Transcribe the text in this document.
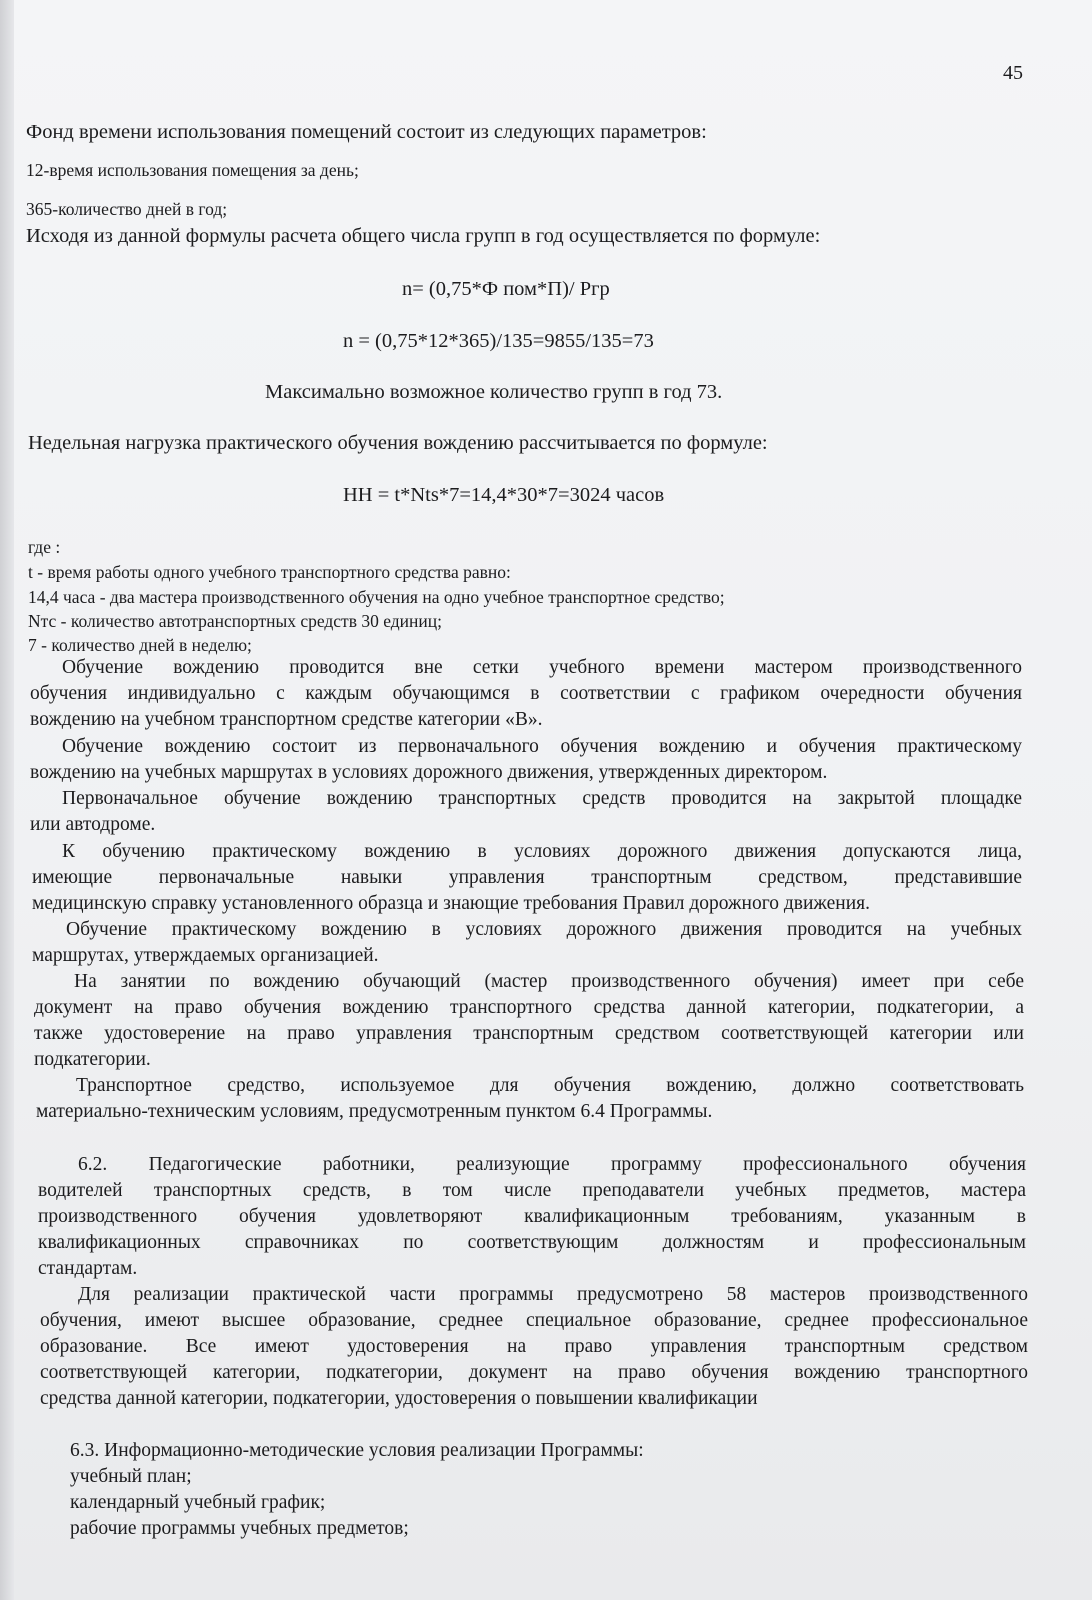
45

Фонд времени использования помещений состоит из следующих параметров:

12-время использования помещения за день;

365-количество дней в год;

Исходя из данной формулы расчета общего числа групп в год осуществляется по формуле:

n= (0,75*Ф пом*П)/ Ргр

n = (0,75*12*365)/135=9855/135=73

Максимально возможное количество групп в год 73.

Недельная нагрузка практического обучения вождению рассчитывается по формуле:

НН = t*Nts*7=14,4*30*7=3024 часов

где :

t - время работы одного учебного транспортного средства равно:

14,4 часа - два мастера производственного обучения на одно учебное транспортное средство;

Nтс - количество автотранспортных средств 30 единиц;

7 - количество дней в неделю;

Обучение вождению проводится вне сетки учебного времени мастером производственного

обучения индивидуально с каждым обучающимся в соответствии с графиком очередности обучения

вождению на учебном транспортном средстве категории «В».

Обучение вождению состоит из первоначального обучения вождению и обучения практическому

вождению на учебных маршрутах в условиях дорожного движения, утвержденных директором.

Первоначальное обучение вождению транспортных средств проводится на закрытой площадке

или автодроме.

К обучению практическому вождению в условиях дорожного движения допускаются лица,

имеющие первоначальные навыки управления транспортным средством, представившие

медицинскую справку установленного образца и знающие требования Правил дорожного движения.

Обучение практическому вождению в условиях дорожного движения проводится на учебных

маршрутах, утверждаемых организацией.

На занятии по вождению обучающий (мастер производственного обучения) имеет при себе

документ на право обучения вождению транспортного средства данной категории, подкатегории, а

также удостоверение на право управления транспортным средством соответствующей категории или

подкатегории.

Транспортное средство, используемое для обучения вождению, должно соответствовать

материально-техническим условиям, предусмотренным пунктом 6.4 Программы.

6.2. Педагогические работники, реализующие программу профессионального обучения

водителей транспортных средств, в том числе преподаватели учебных предметов, мастера

производственного обучения удовлетворяют квалификационным требованиям, указанным в

квалификационных справочниках по соответствующим должностям и профессиональным

стандартам.

Для реализации практической части программы предусмотрено 58 мастеров производственного

обучения, имеют высшее образование, среднее специальное образование, среднее профессиональное

образование. Все имеют удостоверения на право управления транспортным средством

соответствующей категории, подкатегории, документ на право обучения вождению транспортного

средства данной категории, подкатегории, удостоверения о повышении квалификации

6.3. Информационно-методические условия реализации Программы:

учебный план;

календарный учебный график;

рабочие программы учебных предметов;
